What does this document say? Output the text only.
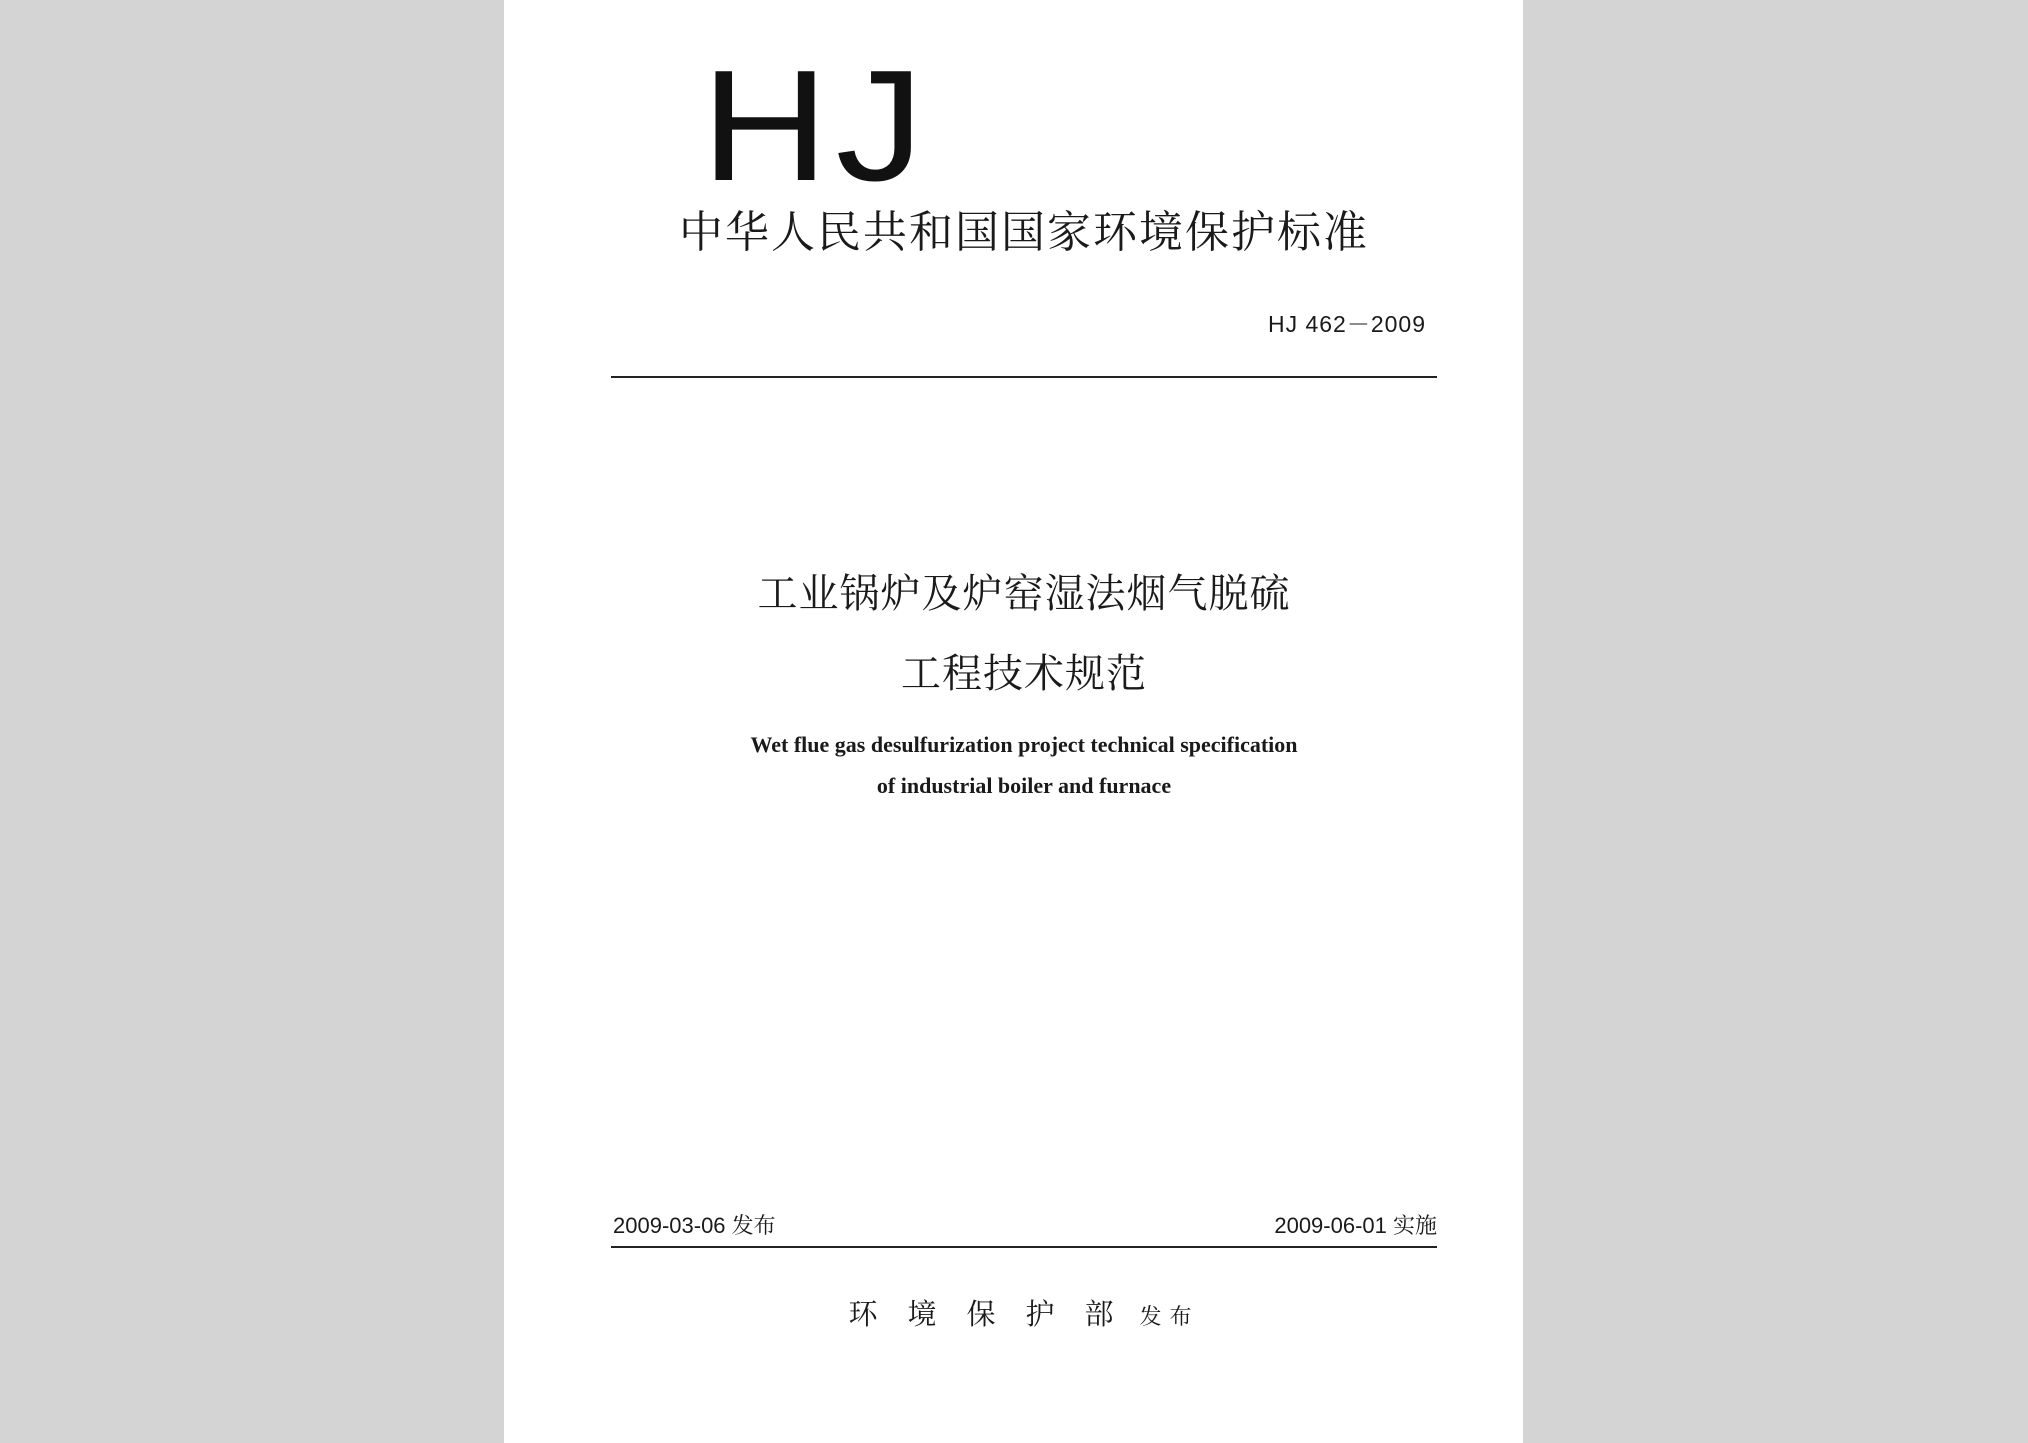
HJ
中华人民共和国国家环境保护标准
HJ 462－2009
工业锅炉及炉窑湿法烟气脱硫
工程技术规范
Wet flue gas desulfurization project technical specification
of industrial boiler and furnace
2009-03-06 发布	2009-06-01 实施
环境保护部发布
